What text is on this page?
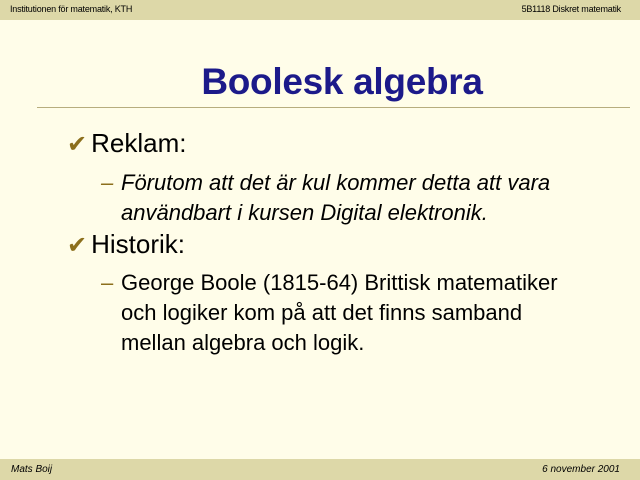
Institutionen för matematik, KTH	5B1118 Diskret matematik
Boolesk algebra
✔ Reklam:
– Förutom att det är kul kommer detta att vara
användbart i kursen Digital elektronik.
✔ Historik:
– George Boole (1815-64) Brittisk matematiker
och logiker kom på att det finns samband
mellan algebra och logik.
Mats Boij	6 november 2001
